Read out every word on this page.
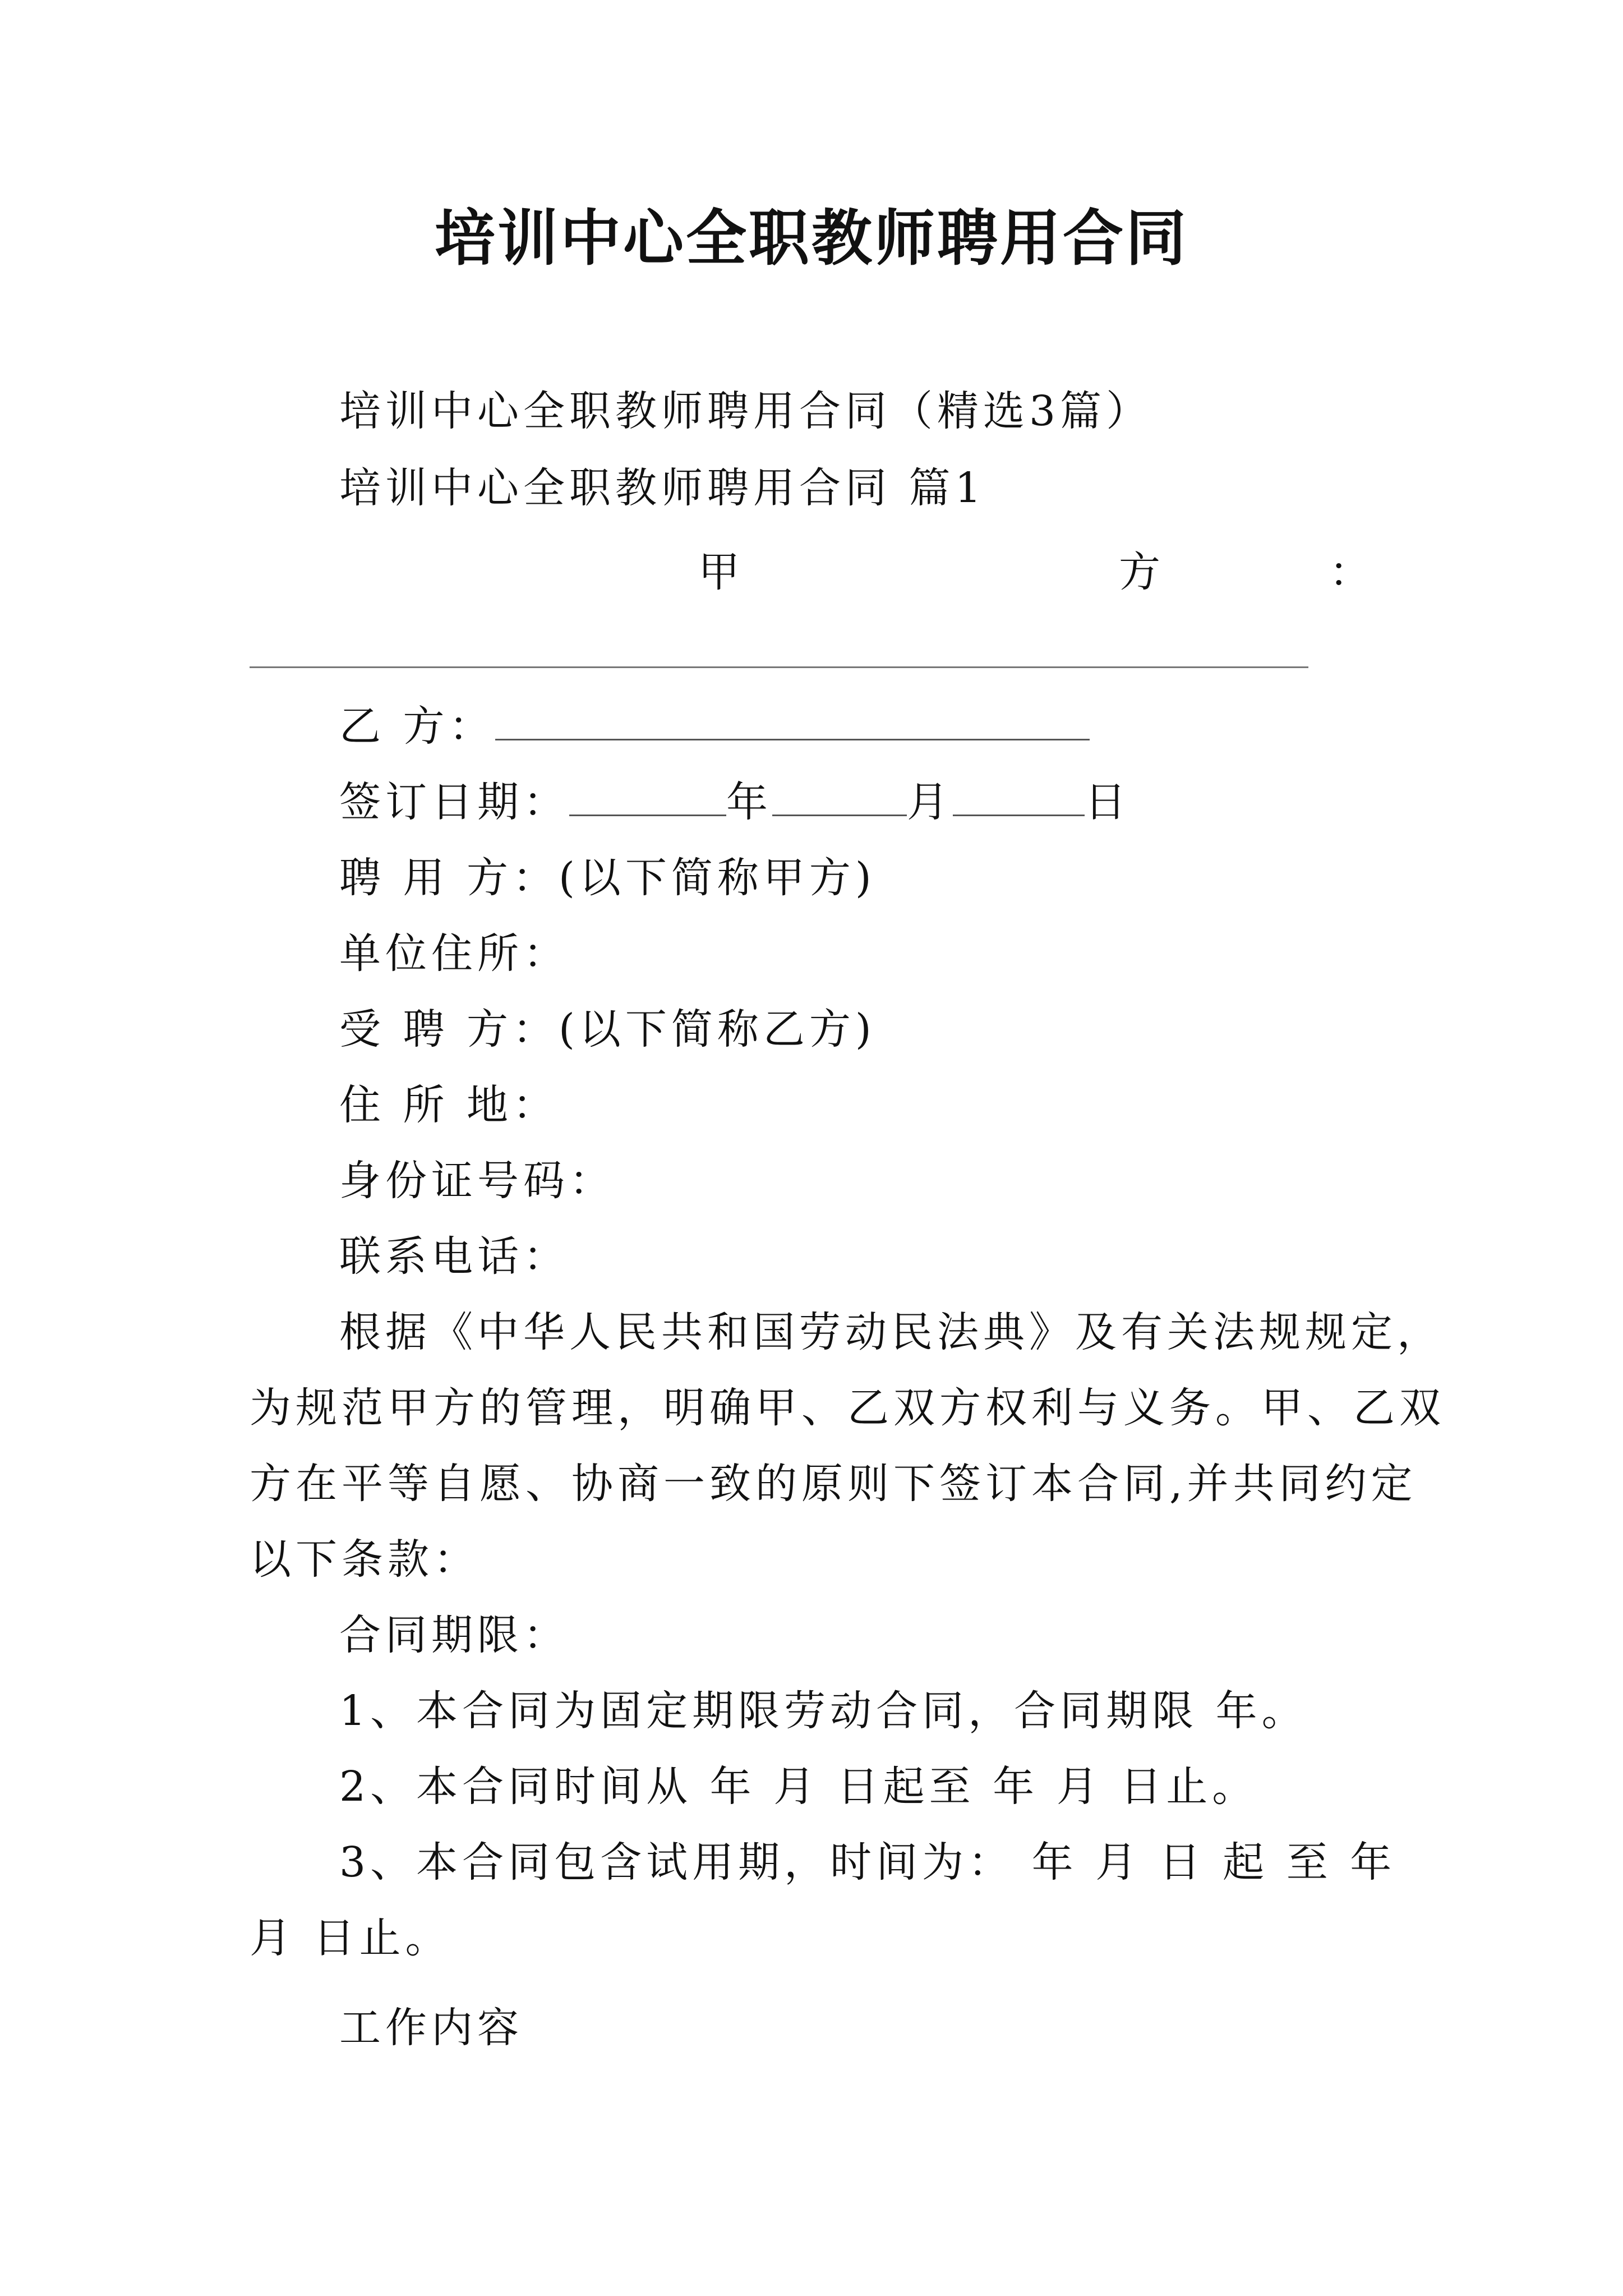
培训中心全职教师聘用合同
培训中心全职教师聘用合同（精选3篇）
培训中心全职教师聘用合同 篇1
甲	方	：
乙 方：
签订日期：	年	月	日
聘 用 方：(以下简称甲方)
单位住所：
受 聘 方：(以下简称乙方)
住 所 地：
身份证号码：
联系电话：
根据《中华人民共和国劳动民法典》及有关法规规定，
为规范甲方的管理，明确甲、乙双方权利与义务。甲、乙双
方在平等自愿、协商一致的原则下签订本合同,并共同约定
以下条款：
合同期限：
1、本合同为固定期限劳动合同，合同期限 年。
2、本合同时间从 年 月 日起至 年 月 日止。
3、本合同包含试用期，时间为： 年 月 日 起 至 年
月 日止。
工作内容
